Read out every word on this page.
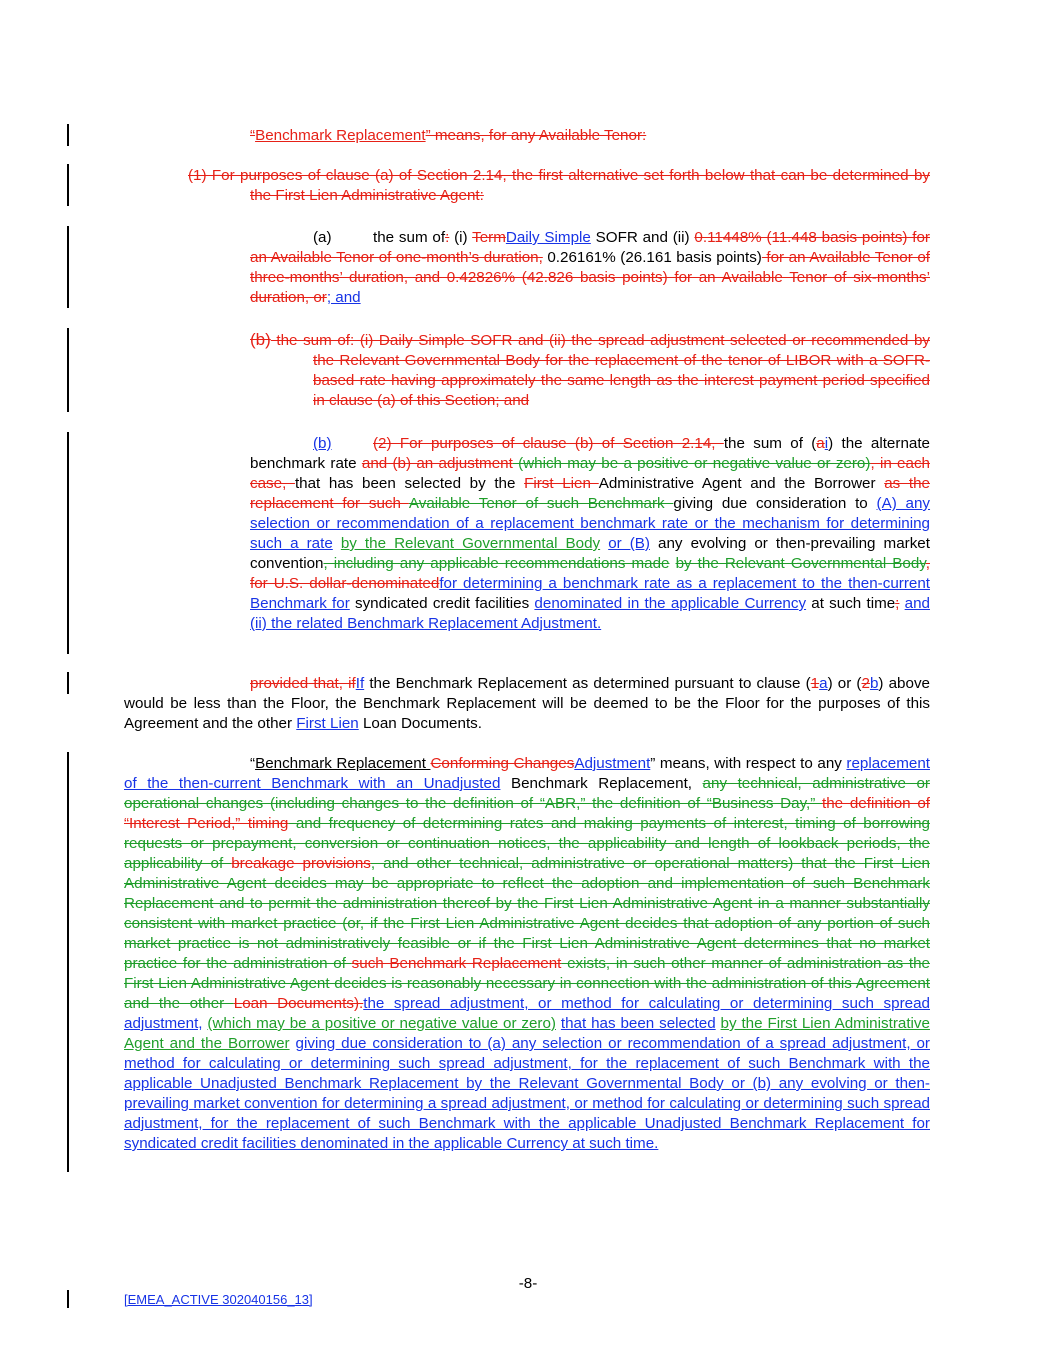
“Benchmark Replacement” means, for any Available Tenor:

(1) For purposes of clause (a) of Section 2.14, the first alternative set forth below that can be determined by the First Lien Administrative Agent:

(a)	the sum of: (i) TermDaily Simple SOFR and (ii) 0.11448% (11.448 basis points) for an Available Tenor of one-month’s duration, 0.26161% (26.161 basis points) for an Available Tenor of three-months’ duration, and 0.42826% (42.826 basis points) for an Available Tenor of six-months’ duration, or; and

(b) the sum of: (i) Daily Simple SOFR and (ii) the spread adjustment selected or recommended by the Relevant Governmental Body for the replacement of the tenor of LIBOR with a SOFR-based rate having approximately the same length as the interest payment period specified in clause (a) of this Section; and

(b)	(2) For purposes of clause (b) of Section 2.14, the sum of (ai) the alternate benchmark rate and (b) an adjustment (which may be a positive or negative value or zero), in each case, that has been selected by the First Lien Administrative Agent and the Borrower as the replacement for such Available Tenor of such Benchmark giving due consideration to (A) any selection or recommendation of a replacement benchmark rate or the mechanism for determining such a rate by the Relevant Governmental Body or (B) any evolving or then-prevailing market convention, including any applicable recommendations made by the Relevant Governmental Body, for U.S. dollar-denominatedfor determining a benchmark rate as a replacement to the then-current Benchmark for syndicated credit facilities denominated in the applicable Currency at such time; and (ii) the related Benchmark Replacement Adjustment.

provided that, ifIf the Benchmark Replacement as determined pursuant to clause (1a) or (2b) above would be less than the Floor, the Benchmark Replacement will be deemed to be the Floor for the purposes of this Agreement and the other First Lien Loan Documents.

“Benchmark Replacement Conforming ChangesAdjustment” means, with respect to any replacement of the then-current Benchmark with an Unadjusted Benchmark Replacement, any technical, administrative or operational changes (including changes to the definition of “ABR,” the definition of “Business Day,” the definition of “Interest Period,” timing and frequency of determining rates and making payments of interest, timing of borrowing requests or prepayment, conversion or continuation notices, the applicability and length of lookback periods, the applicability of breakage provisions, and other technical, administrative or operational matters) that the First Lien Administrative Agent decides may be appropriate to reflect the adoption and implementation of such Benchmark Replacement and to permit the administration thereof by the First Lien Administrative Agent in a manner substantially consistent with market practice (or, if the First Lien Administrative Agent decides that adoption of any portion of such market practice is not administratively feasible or if the First Lien Administrative Agent determines that no market practice for the administration of such Benchmark Replacement exists, in such other manner of administration as the First Lien Administrative Agent decides is reasonably necessary in connection with the administration of this Agreement and the other Loan Documents).the spread adjustment, or method for calculating or determining such spread adjustment, (which may be a positive or negative value or zero) that has been selected by the First Lien Administrative Agent and the Borrower giving due consideration to (a) any selection or recommendation of a spread adjustment, or method for calculating or determining such spread adjustment, for the replacement of such Benchmark with the applicable Unadjusted Benchmark Replacement by the Relevant Governmental Body or (b) any evolving or then-prevailing market convention for determining a spread adjustment, or method for calculating or determining such spread adjustment, for the replacement of such Benchmark with the applicable Unadjusted Benchmark Replacement for syndicated credit facilities denominated in the applicable Currency at such time.

-8-
[EMEA_ACTIVE 302040156_13]
